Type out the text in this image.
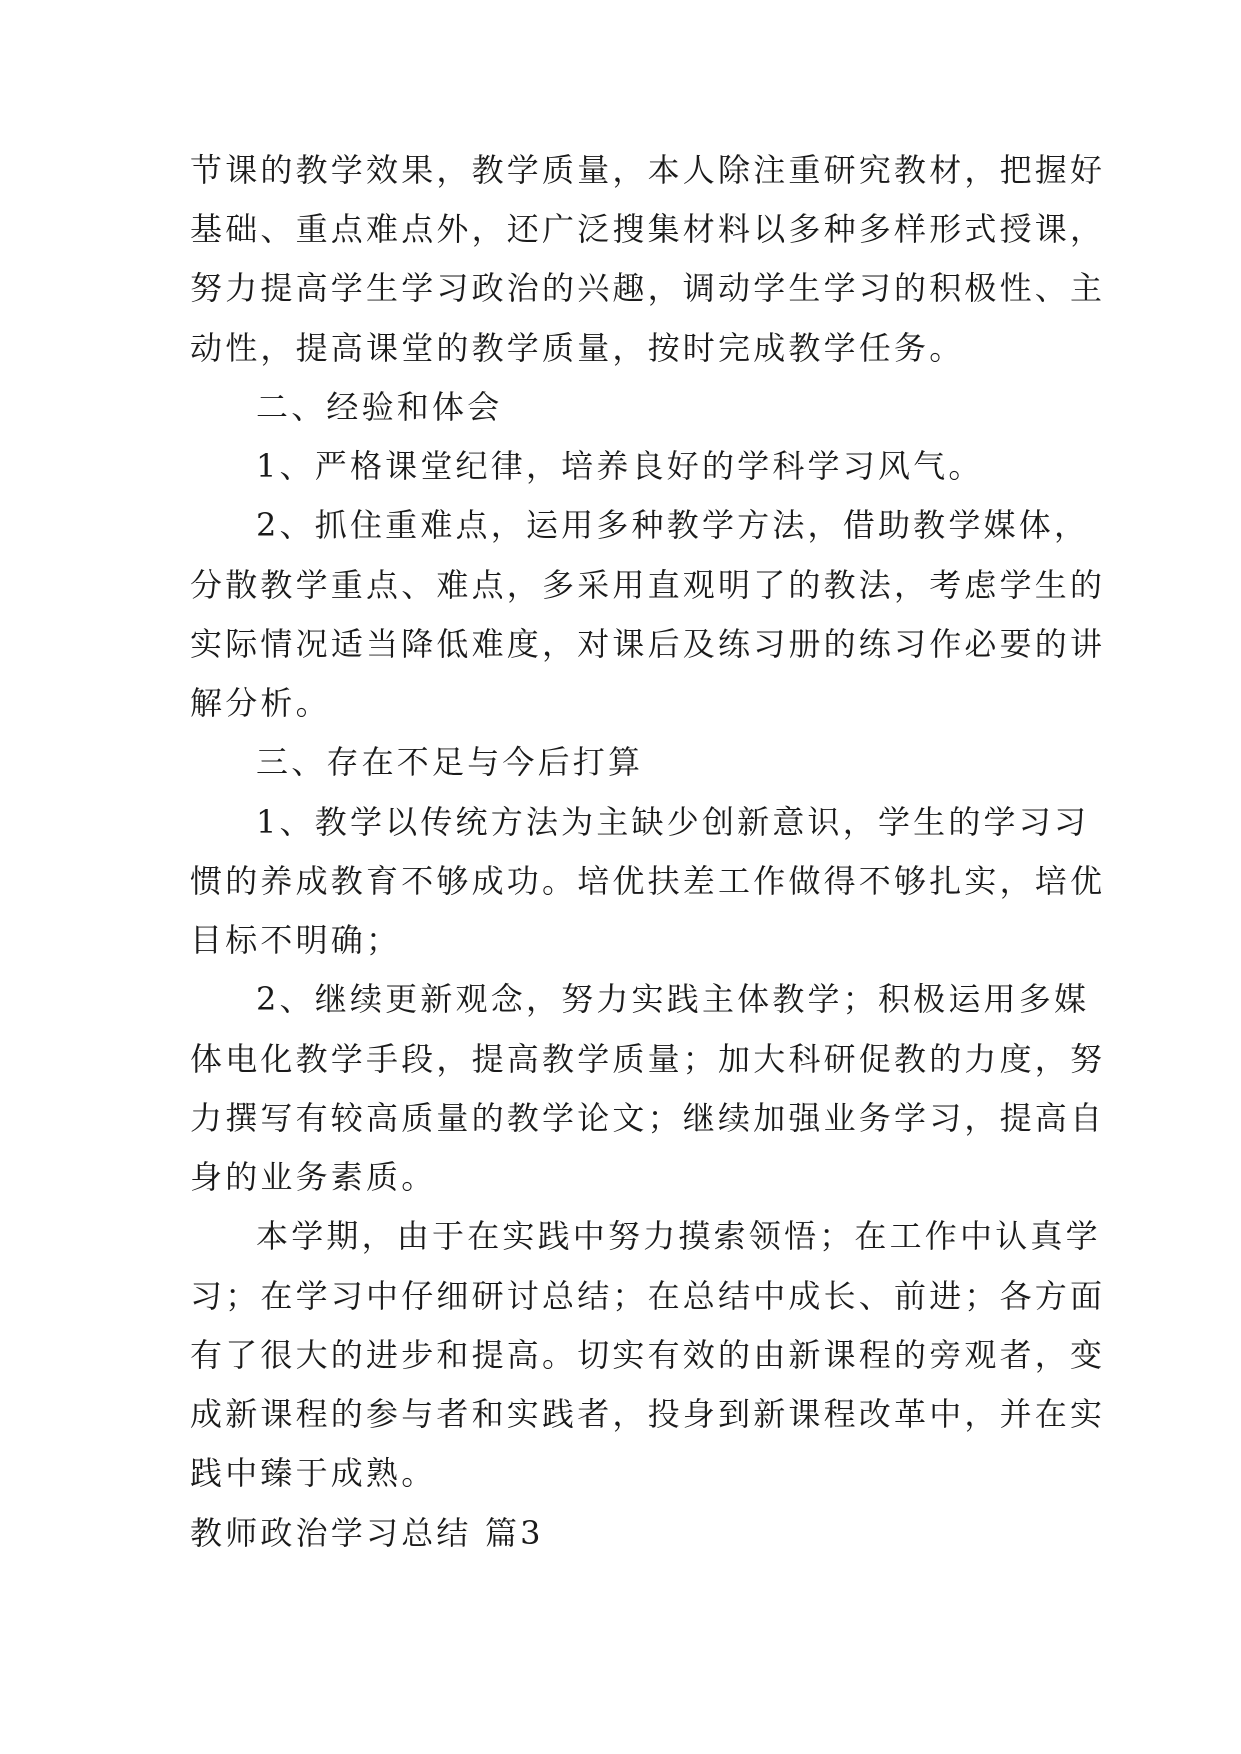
节课的教学效果，教学质量，本人除注重研究教材，把握好
基础、重点难点外，还广泛搜集材料以多种多样形式授课，
努力提高学生学习政治的兴趣，调动学生学习的积极性、主
动性，提高课堂的教学质量，按时完成教学任务。
二、经验和体会
1、严格课堂纪律，培养良好的学科学习风气。
2、抓住重难点，运用多种教学方法，借助教学媒体，
分散教学重点、难点，多采用直观明了的教法，考虑学生的
实际情况适当降低难度，对课后及练习册的练习作必要的讲
解分析。
三、存在不足与今后打算
1、教学以传统方法为主缺少创新意识，学生的学习习
惯的养成教育不够成功。培优扶差工作做得不够扎实，培优
目标不明确；
2、继续更新观念，努力实践主体教学；积极运用多媒
体电化教学手段，提高教学质量；加大科研促教的力度，努
力撰写有较高质量的教学论文；继续加强业务学习，提高自
身的业务素质。
本学期，由于在实践中努力摸索领悟；在工作中认真学
习；在学习中仔细研讨总结；在总结中成长、前进；各方面
有了很大的进步和提高。切实有效的由新课程的旁观者，变
成新课程的参与者和实践者，投身到新课程改革中，并在实
践中臻于成熟。
教师政治学习总结 篇3
